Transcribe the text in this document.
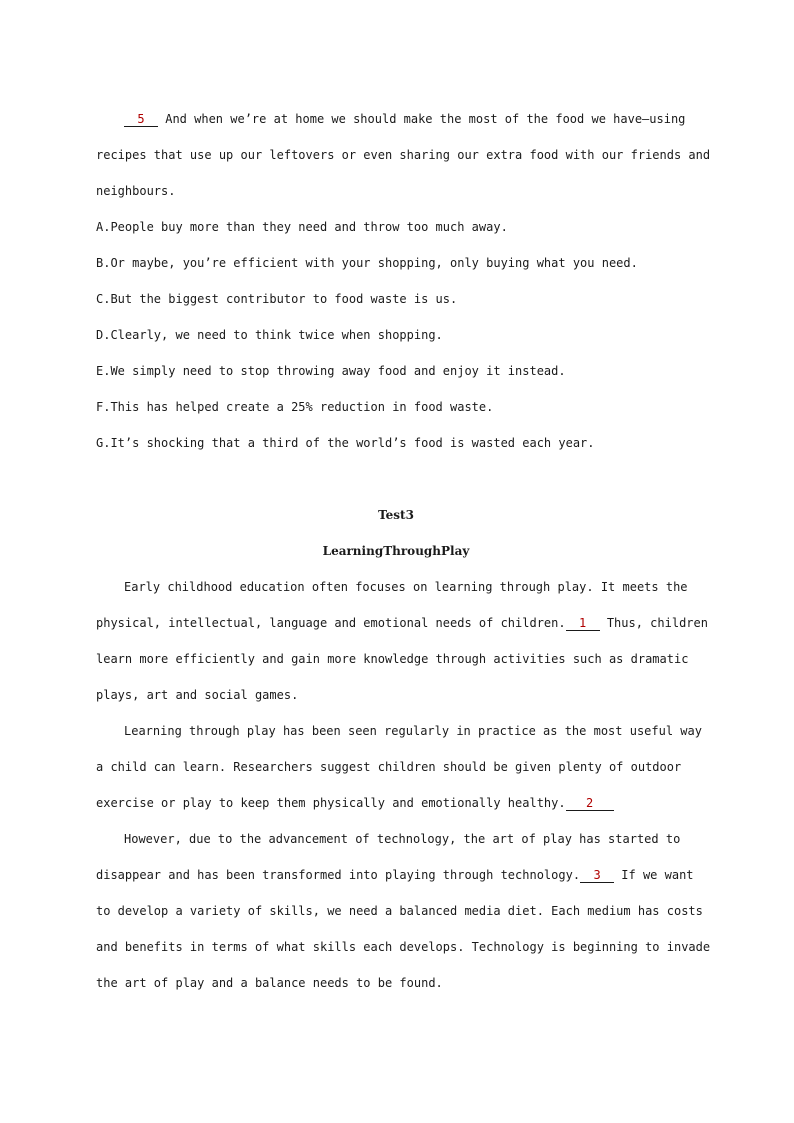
5 And when we’re at home we should make the most of the food we have—using
recipes that use up our leftovers or even sharing our extra food with our friends and
neighbours.
A.People buy more than they need and throw too much away.
B.Or maybe, you’re efficient with your shopping, only buying what you need.
C.But the biggest contributor to food waste is us.
D.Clearly, we need to think twice when shopping.
E.We simply need to stop throwing away food and enjoy it instead.
F.This has helped create a 25% reduction in food waste.
G.It’s shocking that a third of the world’s food is wasted each year.
Test3
LearningThroughPlay
Early childhood education often focuses on learning through play. It meets the
physical, intellectual, language and emotional needs of children. 1 Thus, children
learn more efficiently and gain more knowledge through activities such as dramatic
plays, art and social games.
Learning through play has been seen regularly in practice as the most useful way
a child can learn. Researchers suggest children should be given plenty of outdoor
exercise or play to keep them physically and emotionally healthy. 2
However, due to the advancement of technology, the art of play has started to
disappear and has been transformed into playing through technology. 3 If we want
to develop a variety of skills, we need a balanced media diet. Each medium has costs
and benefits in terms of what skills each develops. Technology is beginning to invade
the art of play and a balance needs to be found.
